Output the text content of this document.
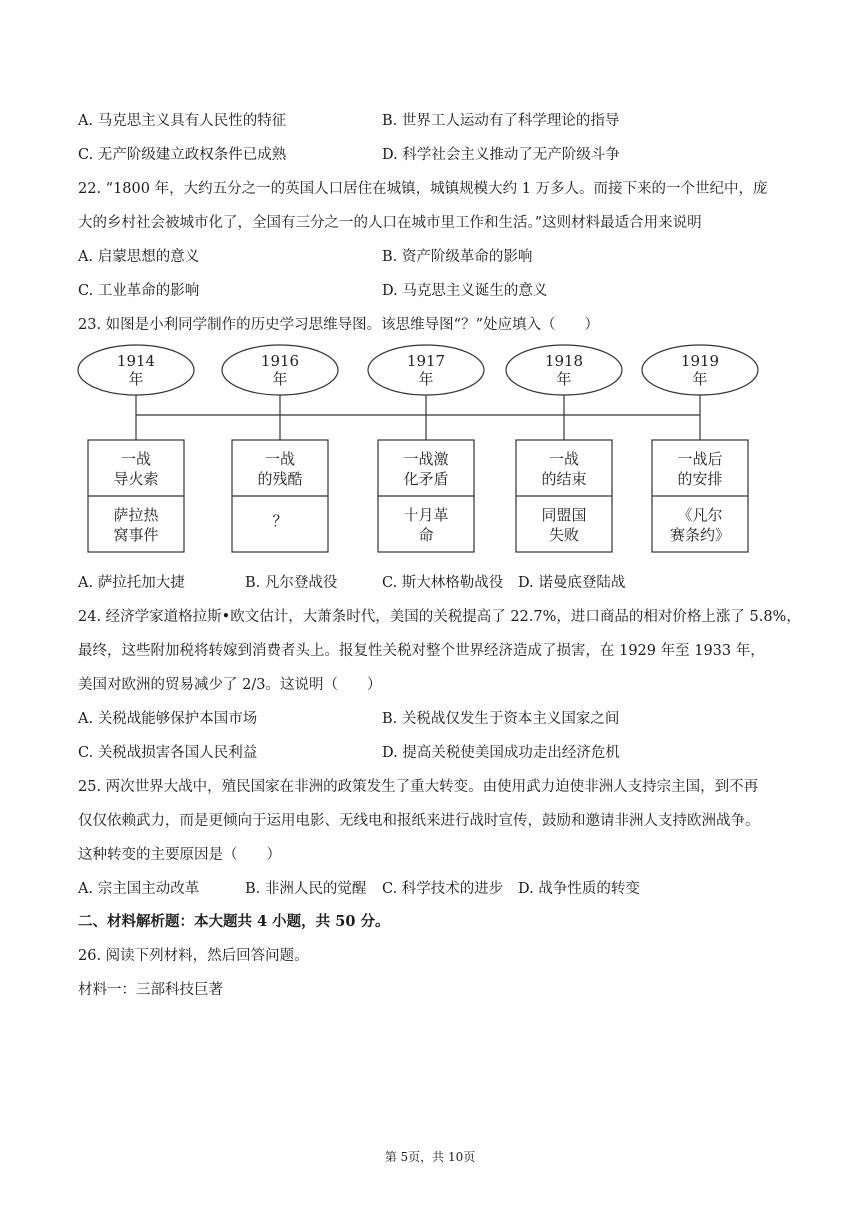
A. 马克思主义具有人民性的特征	B. 世界工人运动有了科学理论的指导
C. 无产阶级建立政权条件已成熟	D. 科学社会主义推动了无产阶级斗争
22. “1800 年，大约五分之一的英国人口居住在城镇，城镇规模大约 1 万多人。而接下来的一个世纪中，庞
大的乡村社会被城市化了，全国有三分之一的人口在城市里工作和生活。”这则材料最适合用来说明
A. 启蒙思想的意义	B. 资产阶级革命的影响
C. 工业革命的影响	D. 马克思主义诞生的意义
23. 如图是小利同学制作的历史学习思维导图。该思维导图“？”处应填入（　　）
1914
年
一战
导火索
萨拉热
窝事件
1916
年
一战
的残酷
？
1917
年
一战激
化矛盾
十月革
命
1918
年
一战
的结束
同盟国
失败
1919
年
一战后
的安排
《凡尔
赛条约》
A. 萨拉托加大捷	B. 凡尔登战役	C. 斯大林格勒战役 D. 诺曼底登陆战
24. 经济学家道格拉斯•欧文估计，大萧条时代，美国的关税提高了 22.7%，进口商品的相对价格上涨了 5.8%，
最终，这些附加税将转嫁到消费者头上。报复性关税对整个世界经济造成了损害，在 1929 年至 1933 年，
美国对欧洲的贸易减少了 2/3。这说明（　　）
A. 关税战能够保护本国市场	B. 关税战仅发生于资本主义国家之间
C. 关税战损害各国人民利益	D. 提高关税使美国成功走出经济危机
25. 两次世界大战中，殖民国家在非洲的政策发生了重大转变。由使用武力迫使非洲人支持宗主国，到不再
仅仅依赖武力，而是更倾向于运用电影、无线电和报纸来进行战时宣传，鼓励和邀请非洲人支持欧洲战争。
这种转变的主要原因是（　　）
A. 宗主国主动改革	B. 非洲人民的觉醒 C. 科学技术的进步 D. 战争性质的转变
二、材料解析题：本大题共 4 小题，共 50 分。
26. 阅读下列材料，然后回答问题。
材料一：三部科技巨著
第 5页，共 10页
